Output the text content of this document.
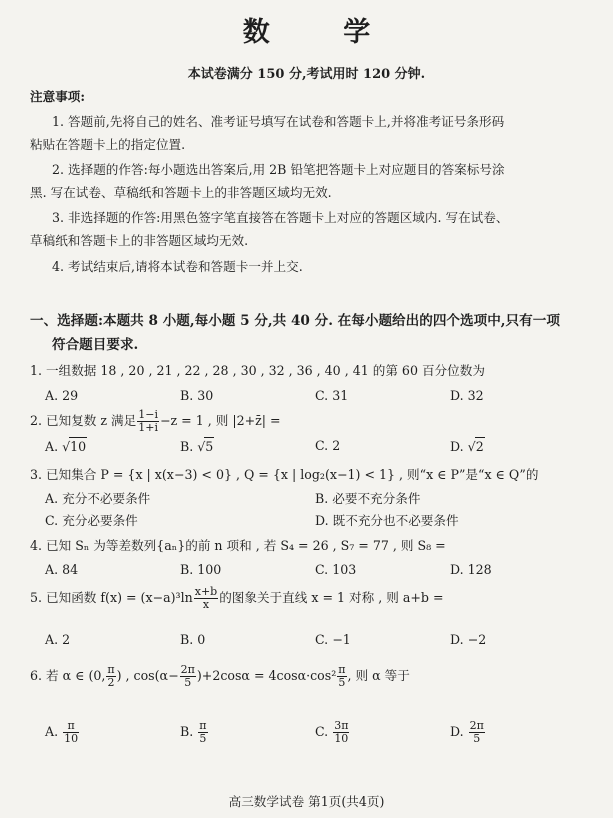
数 学
本试卷满分 150 分,考试用时 120 分钟.
注意事项:
1. 答题前,先将自己的姓名、准考证号填写在试卷和答题卡上,并将准考证号条形码
粘贴在答题卡上的指定位置.
2. 选择题的作答:每小题选出答案后,用 2B 铅笔把答题卡上对应题目的答案标号涂
黑. 写在试卷、草稿纸和答题卡上的非答题区域均无效.
3. 非选择题的作答:用黑色签字笔直接答在答题卡上对应的答题区域内. 写在试卷、
草稿纸和答题卡上的非答题区域均无效.
4. 考试结束后,请将本试卷和答题卡一并上交.
一、选择题:本题共 8 小题,每小题 5 分,共 40 分. 在每小题给出的四个选项中,只有一项
符合题目要求.
1. 一组数据 18 , 20 , 21 , 22 , 28 , 30 , 32 , 36 , 40 , 41 的第 60 百分位数为
A. 29	B. 30	C. 31	D. 32
2. 已知复数 z 满足 $\frac{1-i}{1+i} -z = 1$ , 则 |2+z̄| =
A. √10	B. √5	C. 2	D. √2
3. 已知集合 P = {x | x(x−3) < 0} , Q = {x | log₂(x−1) < 1} , 则“x ∈ P”是“x ∈ Q”的
A. 充分不必要条件	B. 必要不充分条件
C. 充分必要条件	D. 既不充分也不必要条件
4. 已知 Sₙ 为等差数列{aₙ}的前 n 项和 , 若 S₄ = 26 , S₇ = 77 , 则 S₈ =
A. 84	B. 100	C. 103	D. 128
5. 已知函数 $f(x) = (x-a)^3\ln \frac{x+b}{x}$ 的图象关于直线 x = 1 对称 , 则 a+b =
A. 2	B. 0	C. −1	D. −2
6. 若 α ∈ (0, $\frac{\pi}{2}$ ) , $\cos(\alpha- \frac{2\pi}{5} )+2\cos\alpha = 4\cos\alpha\cdot\cos^2 \frac{\pi}{5}$ , 则 α 等于
A. $\frac{\pi}{10}$	B. $\frac{\pi}{5}$	C. $\frac{3\pi}{10}$	D. $\frac{2\pi}{5}$
高三数学试卷 第1页(共4页)
